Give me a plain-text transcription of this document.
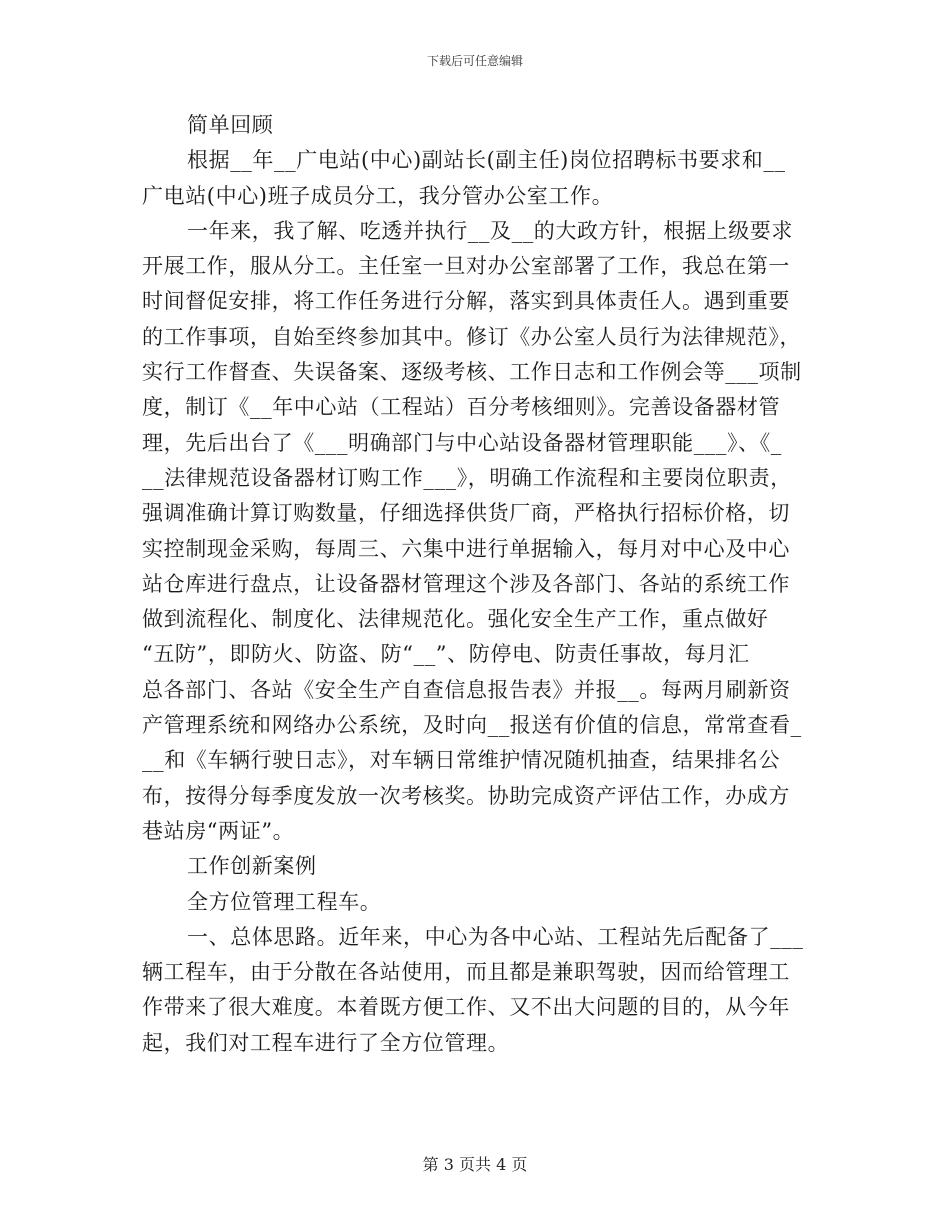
下载后可任意编辑
简单回顾
根据__年__广电站(中心)副站长(副主任)岗位招聘标书要求和__
广电站(中心)班子成员分工，我分管办公室工作。
一年来，我了解、吃透并执行__及__的大政方针，根据上级要求
开展工作，服从分工。主任室一旦对办公室部署了工作，我总在第一
时间督促安排，将工作任务进行分解，落实到具体责任人。遇到重要
的工作事项，自始至终参加其中。修订《办公室人员行为法律规范》，
实行工作督查、失误备案、逐级考核、工作日志和工作例会等___项制
度，制订《__年中心站（工程站）百分考核细则》。完善设备器材管
理，先后出台了《___明确部门与中心站设备器材管理职能___》、《_
__法律规范设备器材订购工作___》，明确工作流程和主要岗位职责，
强调准确计算订购数量，仔细选择供货厂商，严格执行招标价格，切
实控制现金采购，每周三、六集中进行单据输入，每月对中心及中心
站仓库进行盘点，让设备器材管理这个涉及各部门、各站的系统工作
做到流程化、制度化、法律规范化。强化安全生产工作，重点做好
“五防”，即防火、防盗、防“__”、防停电、防责任事故，每月汇
总各部门、各站《安全生产自查信息报告表》并报__。每两月刷新资
产管理系统和网络办公系统，及时向__报送有价值的信息，常常查看_
__和《车辆行驶日志》，对车辆日常维护情况随机抽查，结果排名公
布，按得分每季度发放一次考核奖。协助完成资产评估工作，办成方
巷站房“两证”。
工作创新案例
全方位管理工程车。
一、总体思路。近年来，中心为各中心站、工程站先后配备了___
辆工程车，由于分散在各站使用，而且都是兼职驾驶，因而给管理工
作带来了很大难度。本着既方便工作、又不出大问题的目的，从今年
起，我们对工程车进行了全方位管理。
第 3 页共 4 页
